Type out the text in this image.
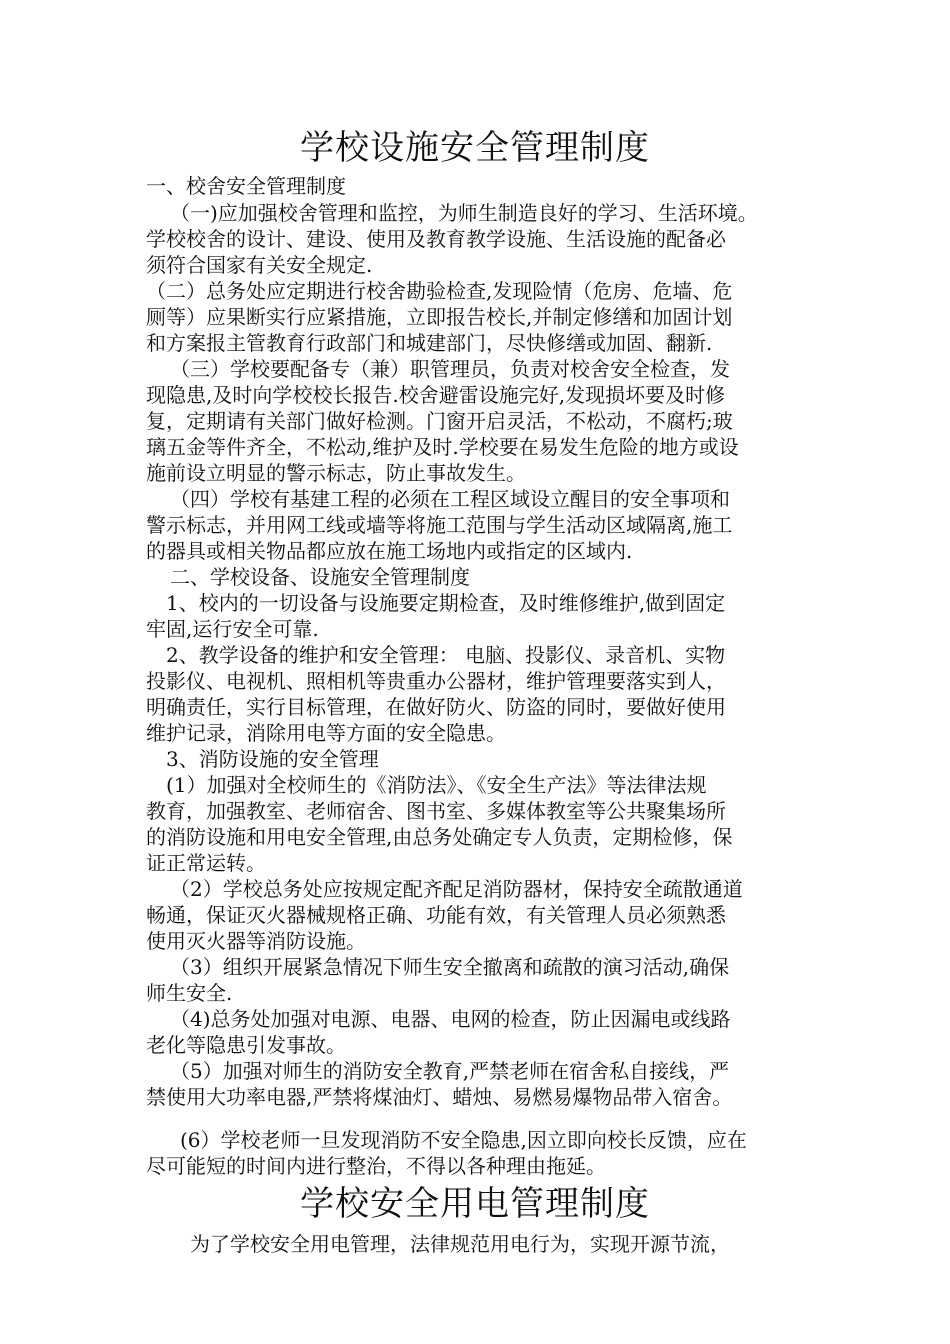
学校设施安全管理制度
一、校舍安全管理制度
（一)应加强校舍管理和监控，为师生制造良好的学习、生活环境。
学校校舍的设计、建设、使用及教育教学设施、生活设施的配备必
须符合国家有关安全规定.
（二）总务处应定期进行校舍勘验检查,发现险情（危房、危墙、危
厕等）应果断实行应紧措施，立即报告校长,并制定修缮和加固计划
和方案报主管教育行政部门和城建部门，尽快修缮或加固、翻新.
（三）学校要配备专（兼）职管理员，负责对校舍安全检查，发
现隐患,及时向学校校长报告.校舍避雷设施完好,发现损坏要及时修
复，定期请有关部门做好检测。门窗开启灵活，不松动，不腐朽;玻
璃五金等件齐全，不松动,维护及时.学校要在易发生危险的地方或设
施前设立明显的警示标志，防止事故发生。
（四）学校有基建工程的必须在工程区域设立醒目的安全事项和
警示标志，并用网工线或墙等将施工范围与学生活动区域隔离,施工
的器具或相关物品都应放在施工场地内或指定的区域内.
二、学校设备、设施安全管理制度
1、校内的一切设备与设施要定期检查，及时维修维护,做到固定
牢固,运行安全可靠.
2、教学设备的维护和安全管理： 电脑、投影仪、录音机、实物
投影仪、电视机、照相机等贵重办公器材，维护管理要落实到人，
明确责任，实行目标管理，在做好防火、防盗的同时，要做好使用
维护记录，消除用电等方面的安全隐患。
3、消防设施的安全管理
(1）加强对全校师生的《消防法》、《安全生产法》等法律法规
教育，加强教室、老师宿舍、图书室、多媒体教室等公共聚集场所
的消防设施和用电安全管理,由总务处确定专人负责，定期检修，保
证正常运转。
（2）学校总务处应按规定配齐配足消防器材，保持安全疏散通道
畅通，保证灭火器械规格正确、功能有效，有关管理人员必须熟悉
使用灭火器等消防设施。
（3）组织开展紧急情况下师生安全撤离和疏散的演习活动,确保
师生安全.
（4)总务处加强对电源、电器、电网的检查，防止因漏电或线路
老化等隐患引发事故。
（5）加强对师生的消防安全教育,严禁老师在宿舍私自接线，严
禁使用大功率电器,严禁将煤油灯、蜡烛、易燃易爆物品带入宿舍。
(6）学校老师一旦发现消防不安全隐患,因立即向校长反馈，应在
尽可能短的时间内进行整治，不得以各种理由拖延。
学校安全用电管理制度
为了学校安全用电管理，法律规范用电行为，实现开源节流，
